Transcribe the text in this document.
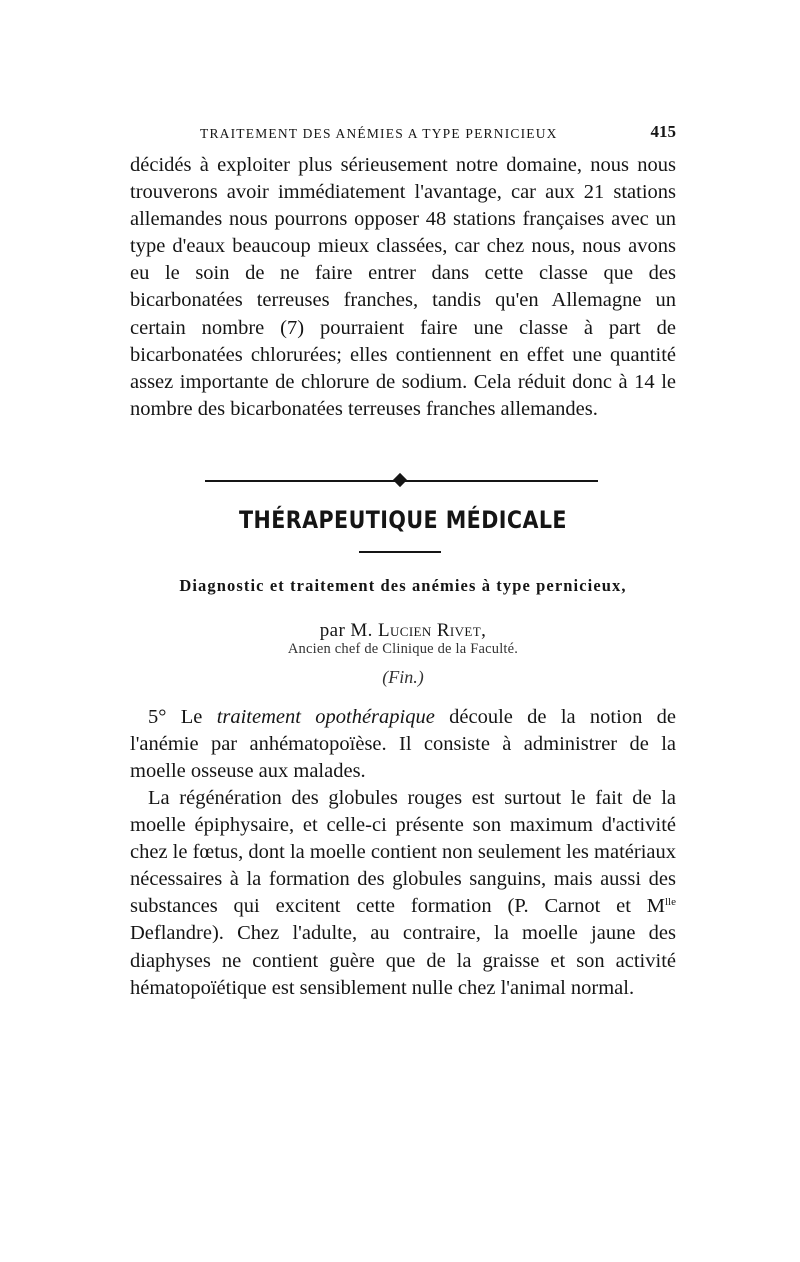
TRAITEMENT DES ANÉMIES A TYPE PERNICIEUX	415

décidés à exploiter plus sérieusement notre domaine, nous nous trouverons avoir immédiatement l'avantage, car aux 21 stations allemandes nous pourrons opposer 48 stations françaises avec un type d'eaux beaucoup mieux classées, car chez nous, nous avons eu le soin de ne faire entrer dans cette classe que des bicarbonatées terreuses franches, tandis qu'en Allemagne un certain nombre (7) pourraient faire une classe à part de bicarbonatées chlorurées; elles contiennent en effet une quantité assez importante de chlorure de sodium. Cela réduit donc à 14 le nombre des bicarbonatées terreuses franches allemandes.

THÉRAPEUTIQUE MÉDICALE
Diagnostic et traitement des anémies à type pernicieux,
par M. Lucien Rivet,
Ancien chef de Clinique de la Faculté.
(Fin.)

5° Le traitement opothérapique découle de la notion de l'anémie par anhématopoïèse. Il consiste à administrer de la moelle osseuse aux malades.

La régénération des globules rouges est surtout le fait de la moelle épiphysaire, et celle-ci présente son maximum d'activité chez le fœtus, dont la moelle contient non seulement les matériaux nécessaires à la formation des globules sanguins, mais aussi des substances qui excitent cette formation (P. Carnot et $M^{lle}$ Deflandre). Chez l'adulte, au contraire, la moelle jaune des diaphyses ne contient guère que de la graisse et son activité hématopoïétique est sensiblement nulle chez l'animal normal.
